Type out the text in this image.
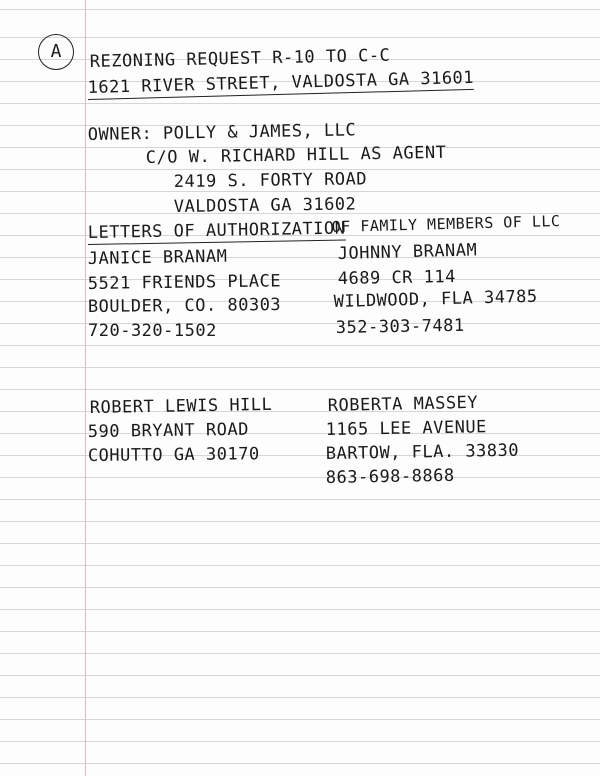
A	REZONING REQUEST R-10 TO C-C
1621 RIVER STREET, VALDOSTA GA 31601
OWNER: POLLY & JAMES, LLC
C/O W. RICHARD HILL AS AGENT
2419 S. FORTY ROAD
VALDOSTA GA 31602
LETTERS OF AUTHORIZATION
OF FAMILY MEMBERS OF LLC
JANICE BRANAM
5521 FRIENDS PLACE
BOULDER, CO. 80303
720-320-1502
JOHNNY BRANAM
4689 CR 114
WILDWOOD, FLA 34785
352-303-7481
ROBERT LEWIS HILL
590 BRYANT ROAD
COHUTTO GA 30170
ROBERTA MASSEY
1165 LEE AVENUE
BARTOW, FLA. 33830
863-698-8868
